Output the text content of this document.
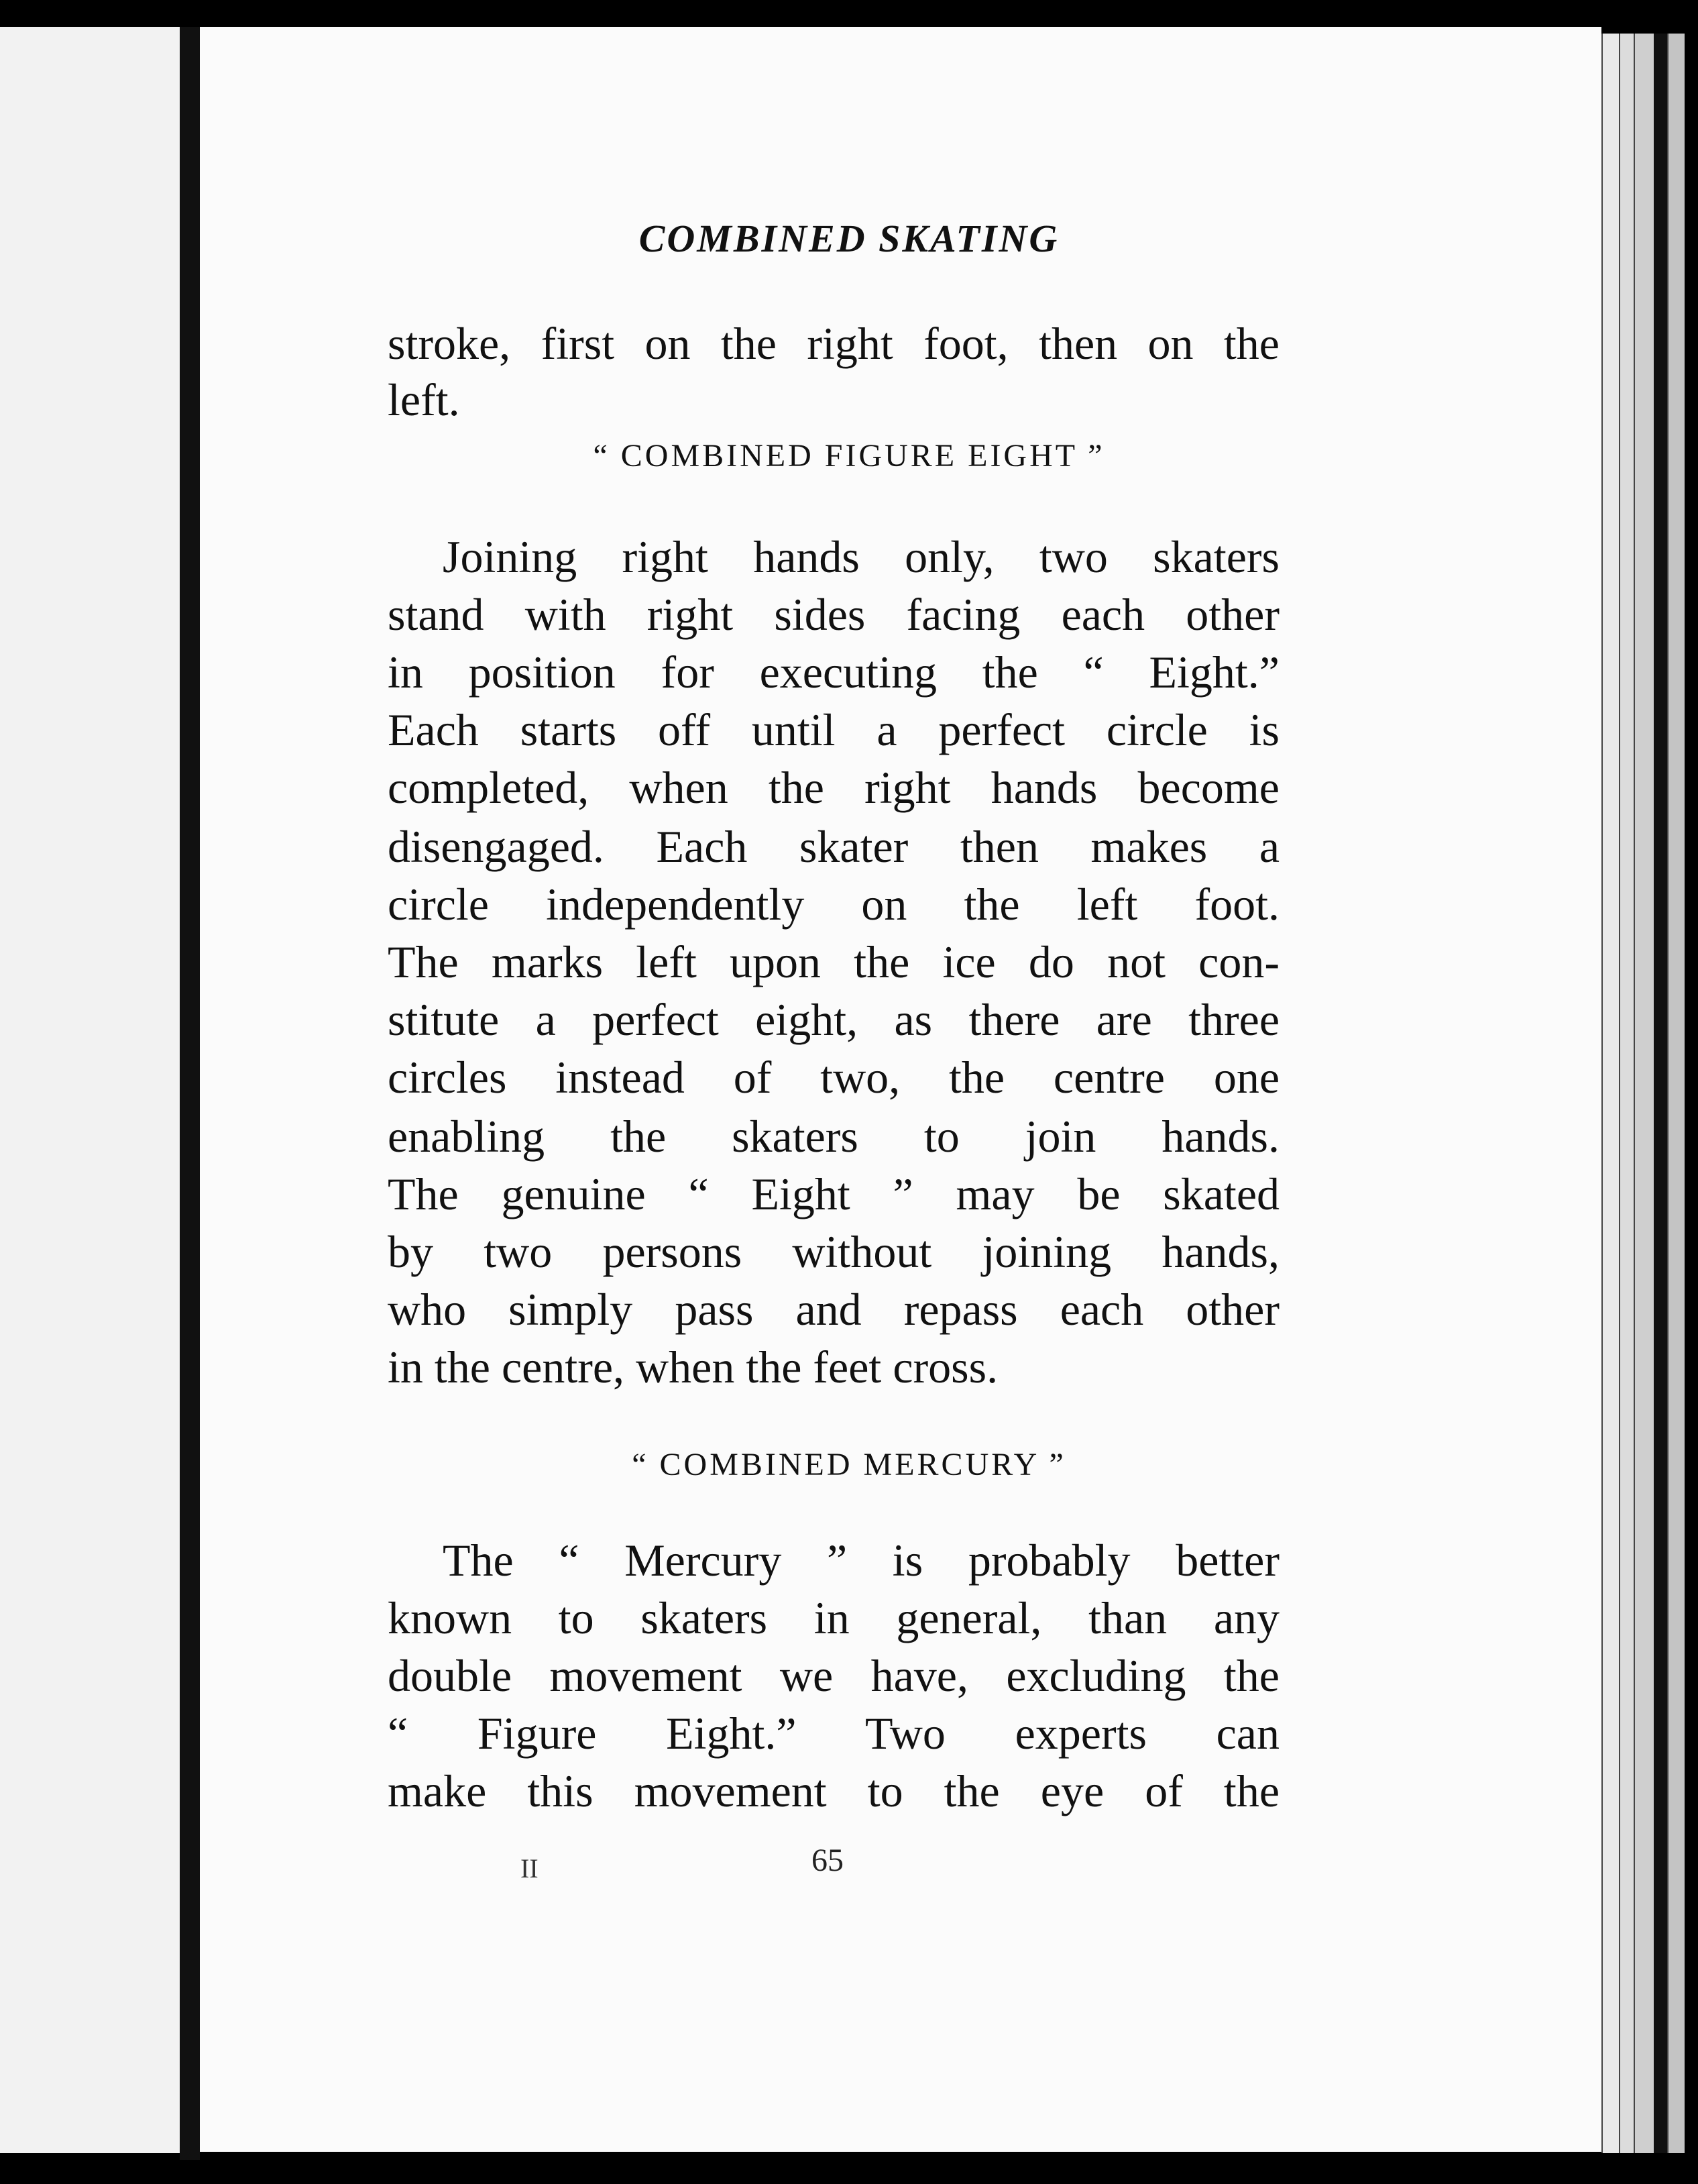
COMBINED SKATING
stroke, first on the right foot, then on the
left.
“ COMBINED FIGURE EIGHT ”
Joining right hands only, two skaters
stand with right sides facing each other
in position for executing the “ Eight.”
Each starts off until a perfect circle is
completed, when the right hands become
disengaged. Each skater then makes a
circle independently on the left foot.
The marks left upon the ice do not con-
stitute a perfect eight, as there are three
circles instead of two, the centre one
enabling the skaters to join hands.
The genuine “ Eight ” may be skated
by two persons without joining hands,
who simply pass and repass each other
in the centre, when the feet cross.
“ COMBINED MERCURY ”
The “ Mercury ” is probably better
known to skaters in general, than any
double movement we have, excluding the
“ Figure Eight.” Two experts can
make this movement to the eye of the
II	65
